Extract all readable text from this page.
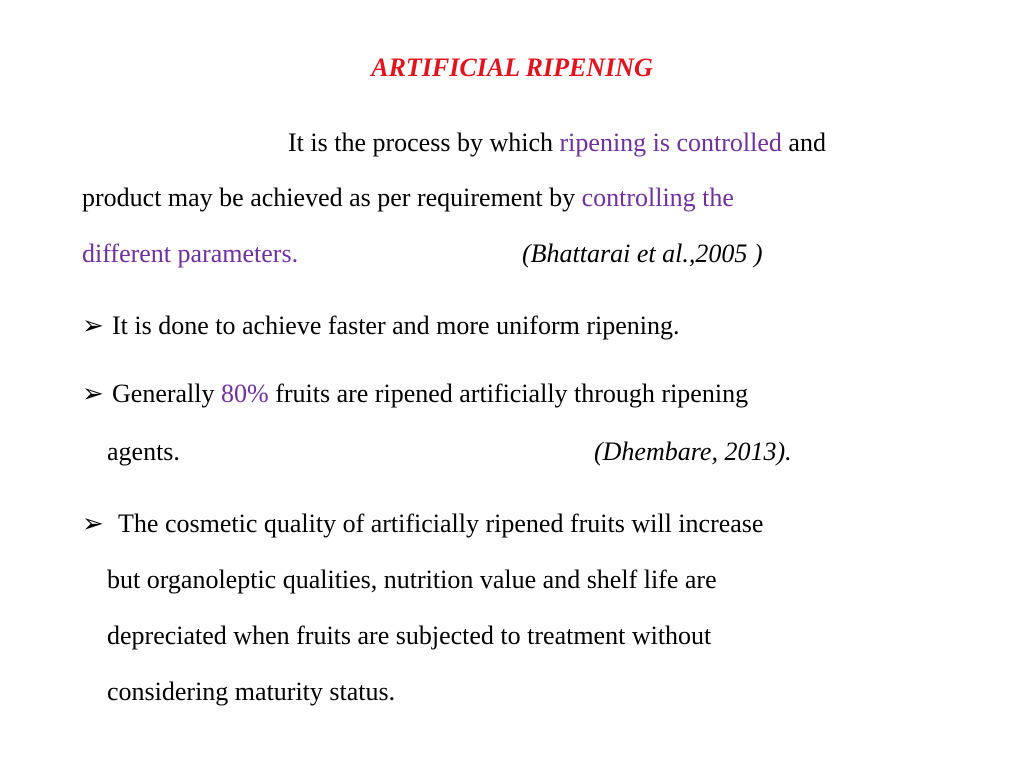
ARTIFICIAL RIPENING
It is the process by which ripening is controlled and
product may be achieved as per requirement by controlling the
different parameters.	(Bhattarai et al.,2005 )
➢ It is done to achieve faster and more uniform ripening.
➢ Generally 80% fruits are ripened artificially through ripening
agents.	(Dhembare, 2013).
➢ The cosmetic quality of artificially ripened fruits will increase
but organoleptic qualities, nutrition value and shelf life are
depreciated when fruits are subjected to treatment without
considering maturity status.
